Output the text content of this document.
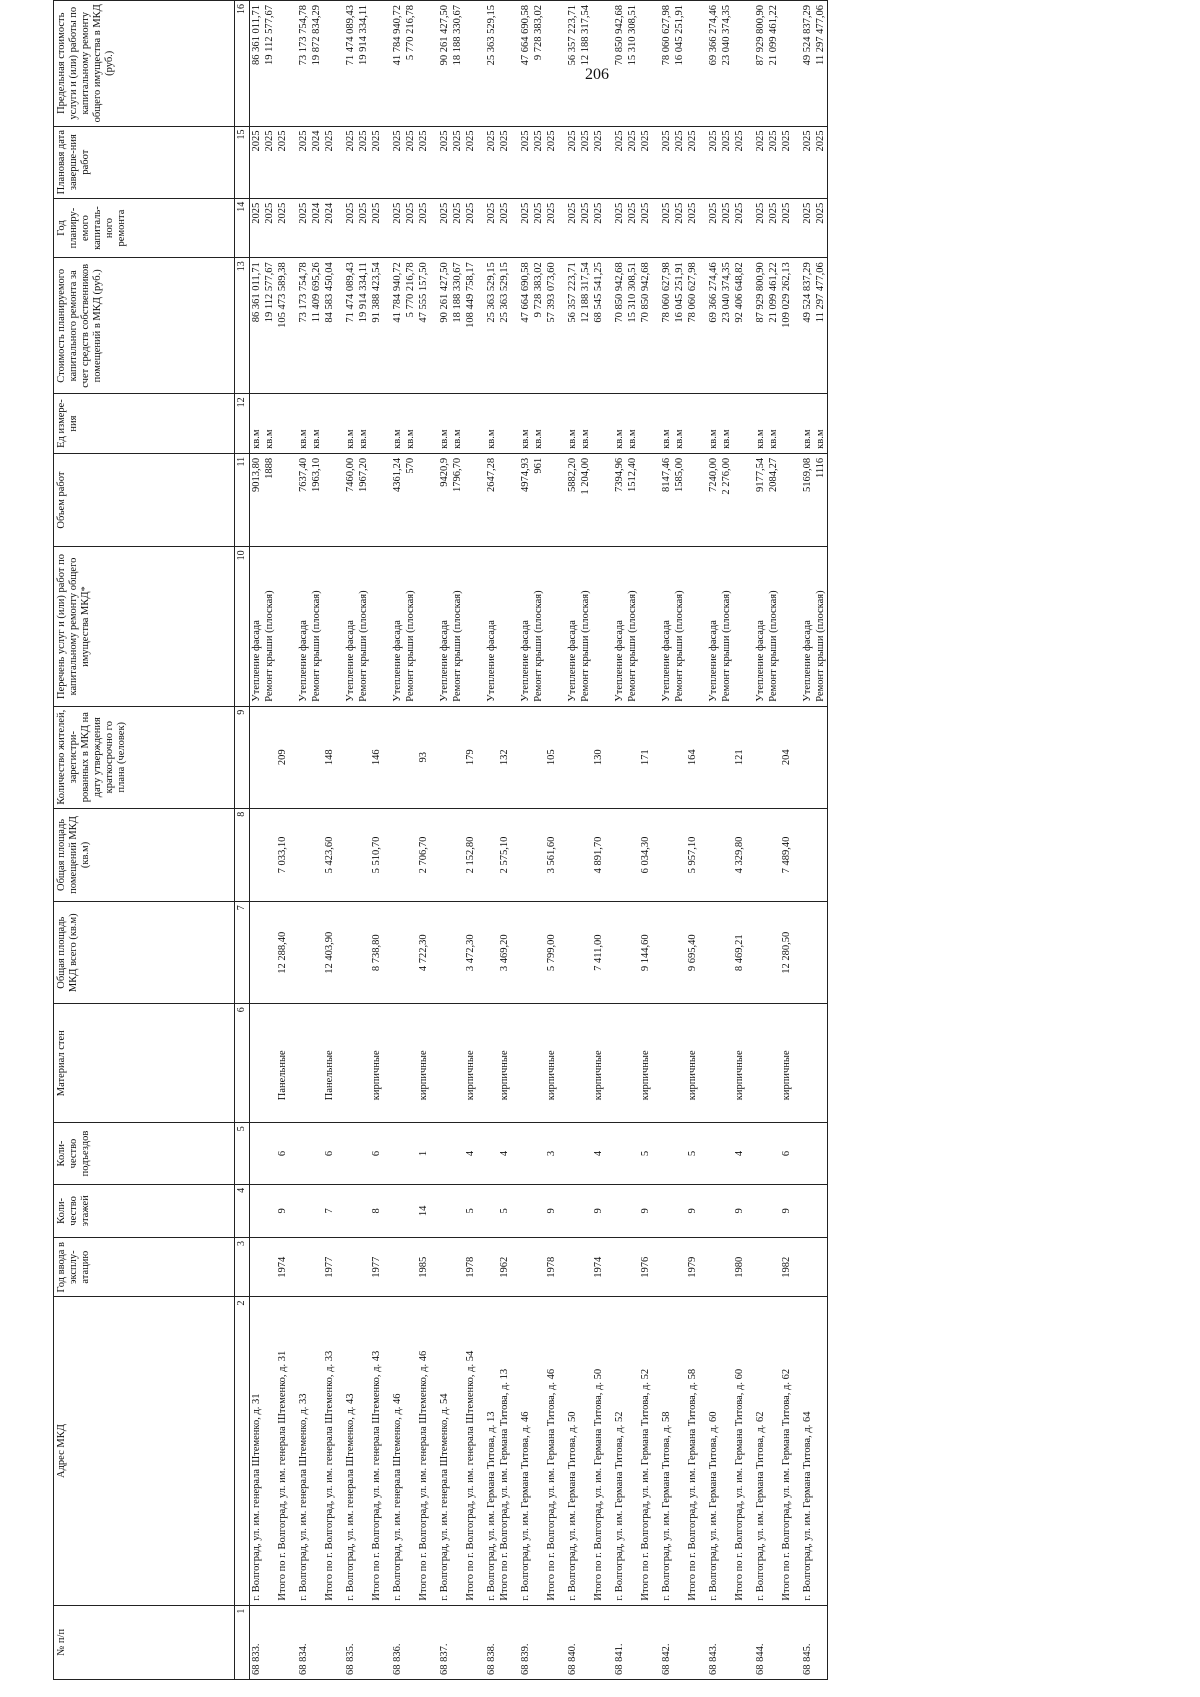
206
№ п/п	Адрес МКД	Год ввода в эксплу-атацию	Коли-чество этажей	Коли-чество подъездов	Материал стен	Общая площадь МКД всего (кв.м)	Общая площадь помещений МКД (кв.м)	Количество жителей, зарегистри-рованных в МКД на дату утверждения краткосрочно го плана (человек)	Перечень услуг и (или) работ по капитальному ремонту общего имущества МКД*	Объем работ	Ед измере-ния	Стоимость планируемого капитального ремонта за счет средств собственников помещений в МКД (руб.)	Год планиру-емого капиталь-ного ремонта	Плановая дата заверше-ния работ	Предельная стоимость услуги и (или) работы по капитальному ремонту общего имущества в МКД (руб.)
1	2	3	4	5	6	7	8	9	10	11	12	13	14	15	16
68 833.	г. Волгоград, ул. им. генерала Штеменко, д. 31								Утепление фасада	9013,80	кв.м	86 361 011,71	2025	2025	86 361 011,71
									Ремонт крыши (плоская)	1888	кв.м	19 112 577,67	2025	2025	19 112 577,67
	Итого по г. Волгоград, ул. им. генерала Штеменко, д. 31	1974	9	6	Панельные	12 288,40	7 033,10	209				105 473 589,38	2025	2025	

68 834.	г. Волгоград, ул. им. генерала Штеменко, д. 33								Утепление фасада	7637,40	кв.м	73 173 754,78	2025	2025	73 173 754,78
									Ремонт крыши (плоская)	1963,10	кв.м	11 409 695,26	2024	2024	19 872 834,29
	Итого по г. Волгоград, ул. им. генерала Штеменко, д. 33	1977	7	6	Панельные	12 403,90	5 423,60	148				84 583 450,04	2024	2025	

68 835.	г. Волгоград, ул. им. генерала Штеменко, д. 43								Утепление фасада	7460,00	кв.м	71 474 089,43	2025	2025	71 474 089,43
									Ремонт крыши (плоская)	1967,20	кв.м	19 914 334,11	2025	2025	19 914 334,11
	Итого по г. Волгоград, ул. им. генерала Штеменко, д. 43	1977	8	6	кирпичные	8 738,80	5 510,70	146				91 388 423,54	2025	2025	

68 836.	г. Волгоград, ул. им. генерала Штеменко, д. 46								Утепление фасада	4361,24	кв.м	41 784 940,72	2025	2025	41 784 940,72
									Ремонт крыши (плоская)	570	кв.м	5 770 216,78	2025	2025	5 770 216,78
	Итого по г. Волгоград, ул. им. генерала Штеменко, д. 46	1985	14	1	кирпичные	4 722,30	2 706,70	93				47 555 157,50	2025	2025	

68 837.	г. Волгоград, ул. им. генерала Штеменко, д. 54								Утепление фасада	9420,9	кв.м	90 261 427,50	2025	2025	90 261 427,50
									Ремонт крыши (плоская)	1796,70	кв.м	18 188 330,67	2025	2025	18 188 330,67
	Итого по г. Волгоград, ул. им. генерала Штеменко, д. 54	1978	5	4	кирпичные	3 472,30	2 152,80	179				108 449 758,17	2025	2025	

68 838.	г. Волгоград, ул. им. Германа Титова, д. 13								Утепление фасада	2647,28	кв.м	25 363 529,15	2025	2025	25 363 529,15
	Итого по г. Волгоград, ул. им. Германа Титова, д. 13	1962	5	4	кирпичные	3 469,20	2 575,10	132				25 363 529,15	2025	2025	

68 839.	г. Волгоград, ул. им. Германа Титова, д. 46								Утепление фасада	4974,93	кв.м	47 664 690,58	2025	2025	47 664 690,58
									Ремонт крыши (плоская)	961	кв.м	9 728 383,02	2025	2025	9 728 383,02
	Итого по г. Волгоград, ул. им. Германа Титова, д. 46	1978	9	3	кирпичные	5 799,00	3 561,60	105				57 393 073,60	2025	2025	

68 840.	г. Волгоград, ул. им. Германа Титова, д. 50								Утепление фасада	5882,20	кв.м	56 357 223,71	2025	2025	56 357 223,71
									Ремонт крыши (плоская)	1 204,00	кв.м	12 188 317,54	2025	2025	12 188 317,54
	Итого по г. Волгоград, ул. им. Германа Титова, д. 50	1974	9	4	кирпичные	7 411,00	4 891,70	130				68 545 541,25	2025	2025	

68 841.	г. Волгоград, ул. им. Германа Титова, д. 52								Утепление фасада	7394,96	кв.м	70 850 942,68	2025	2025	70 850 942,68
									Ремонт крыши (плоская)	1512,40	кв.м	15 310 308,51	2025	2025	15 310 308,51
	Итого по г. Волгоград, ул. им. Германа Титова, д. 52	1976	9	5	кирпичные	9 144,60	6 034,30	171				70 850 942,68	2025	2025	

68 842.	г. Волгоград, ул. им. Германа Титова, д. 58								Утепление фасада	8147,46	кв.м	78 060 627,98	2025	2025	78 060 627,98
									Ремонт крыши (плоская)	1585,00	кв.м	16 045 251,91	2025	2025	16 045 251,91
	Итого по г. Волгоград, ул. им. Германа Титова, д. 58	1979	9	5	кирпичные	9 695,40	5 957,10	164				78 060 627,98	2025	2025	

68 843.	г. Волгоград, ул. им. Германа Титова, д. 60								Утепление фасада	7240,00	кв.м	69 366 274,46	2025	2025	69 366 274,46
									Ремонт крыши (плоская)	2 276,00	кв.м	23 040 374,35	2025	2025	23 040 374,35
	Итого по г. Волгоград, ул. им. Германа Титова, д. 60	1980	9	4	кирпичные	8 469,21	4 329,80	121				92 406 648,82	2025	2025	

68 844.	г. Волгоград, ул. им. Германа Титова, д. 62								Утепление фасада	9177,54	кв.м	87 929 800,90	2025	2025	87 929 800,90
									Ремонт крыши (плоская)	2084,27	кв.м	21 099 461,22	2025	2025	21 099 461,22
	Итого по г. Волгоград, ул. им. Германа Титова, д. 62	1982	9	6	кирпичные	12 280,50	7 489,40	204				109 029 262,13	2025	2025	

68 845.	г. Волгоград, ул. им. Германа Титова, д. 64								Утепление фасада	5169,08	кв.м	49 524 837,29	2025	2025	49 524 837,29
									Ремонт крыши (плоская)	1116	кв.м	11 297 477,06	2025	2025	11 297 477,06
